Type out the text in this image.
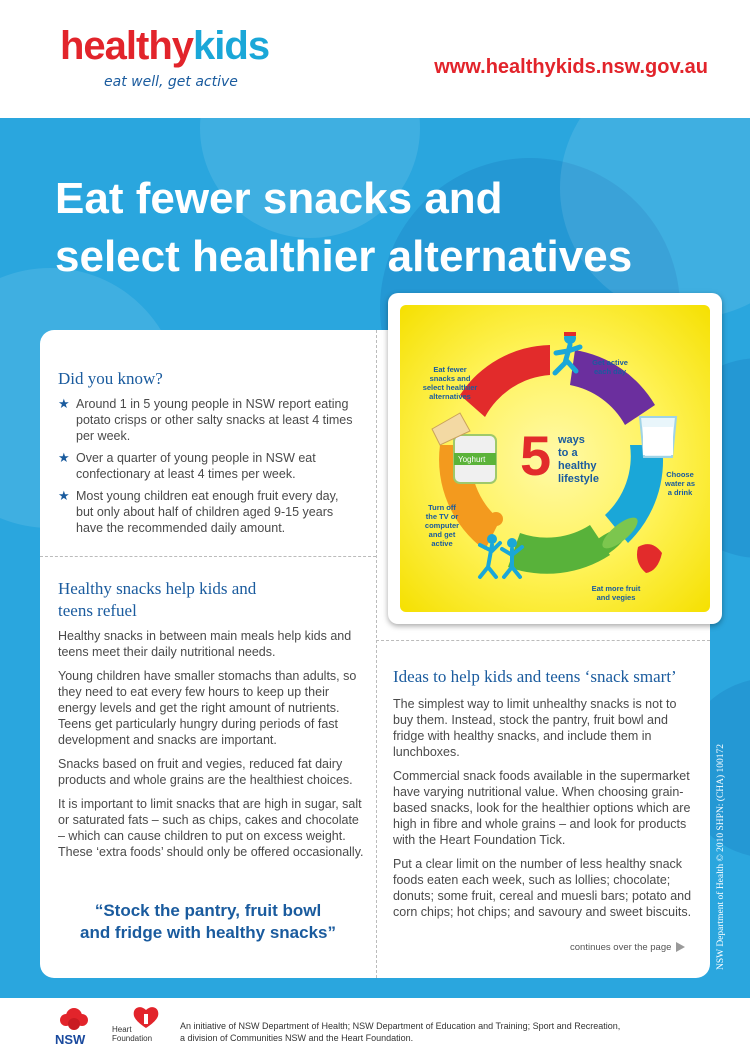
healthykids
eat well, get active
www.healthykids.nsw.gov.au
Eat fewer snacks and
select healthier alternatives
Did you know?
★ Around 1 in 5 young people in NSW report eating potato crisps or other salty snacks at least 4 times per week.
★ Over a quarter of young people in NSW eat confectionary at least 4 times per week.
★ Most young children eat enough fruit every day, but only about half of children aged 9-15 years have the recommended daily amount.
Healthy snacks help kids and
teens refuel

Healthy snacks in between main meals help kids and teens meet their daily nutritional needs.

Young children have smaller stomachs than adults, so they need to eat every few hours to keep up their energy levels and get the right amount of nutrients. Teens get particularly hungry during periods of fast development and snacks are important.

Snacks based on fruit and vegies, reduced fat dairy products and whole grains are the healthiest choices.

It is important to limit snacks that are high in sugar, salt or saturated fats – such as chips, cakes and chocolate – which can cause children to put on excess weight. These ‘extra foods’ should only be offered occasionally.

“Stock the pantry, fruit bowl
and fridge with healthy snacks”
5 ways
to a
healthy
lifestyle
Yoghurt
Eat fewer
snacks and
select healthier
alternatives
Get active
each day
Choose
water as
a drink
Eat more fruit
and vegies
Turn off
the TV or
computer
and get
active
Ideas to help kids and teens ‘snack smart’

The simplest way to limit unhealthy snacks is not to buy them. Instead, stock the pantry, fruit bowl and fridge with healthy snacks, and include them in lunchboxes.

Commercial snack foods available in the supermarket have varying nutritional value. When choosing grain-based snacks, look for the healthier options which are high in fibre and whole grains – and look for products with the Heart Foundation Tick.

Put a clear limit on the number of less healthy snack foods eaten each week, such as lollies; chocolate; donuts; some fruit, cereal and muesli bars; potato and corn chips; hot chips; and savoury and sweet biscuits.

continues over the page	NSW Department of Health © 2010 SHPN: (CHA) 100172
NSW
Heart
Foundation
An initiative of NSW Department of Health; NSW Department of Education and Training; Sport and Recreation,
a division of Communities NSW and the Heart Foundation.
